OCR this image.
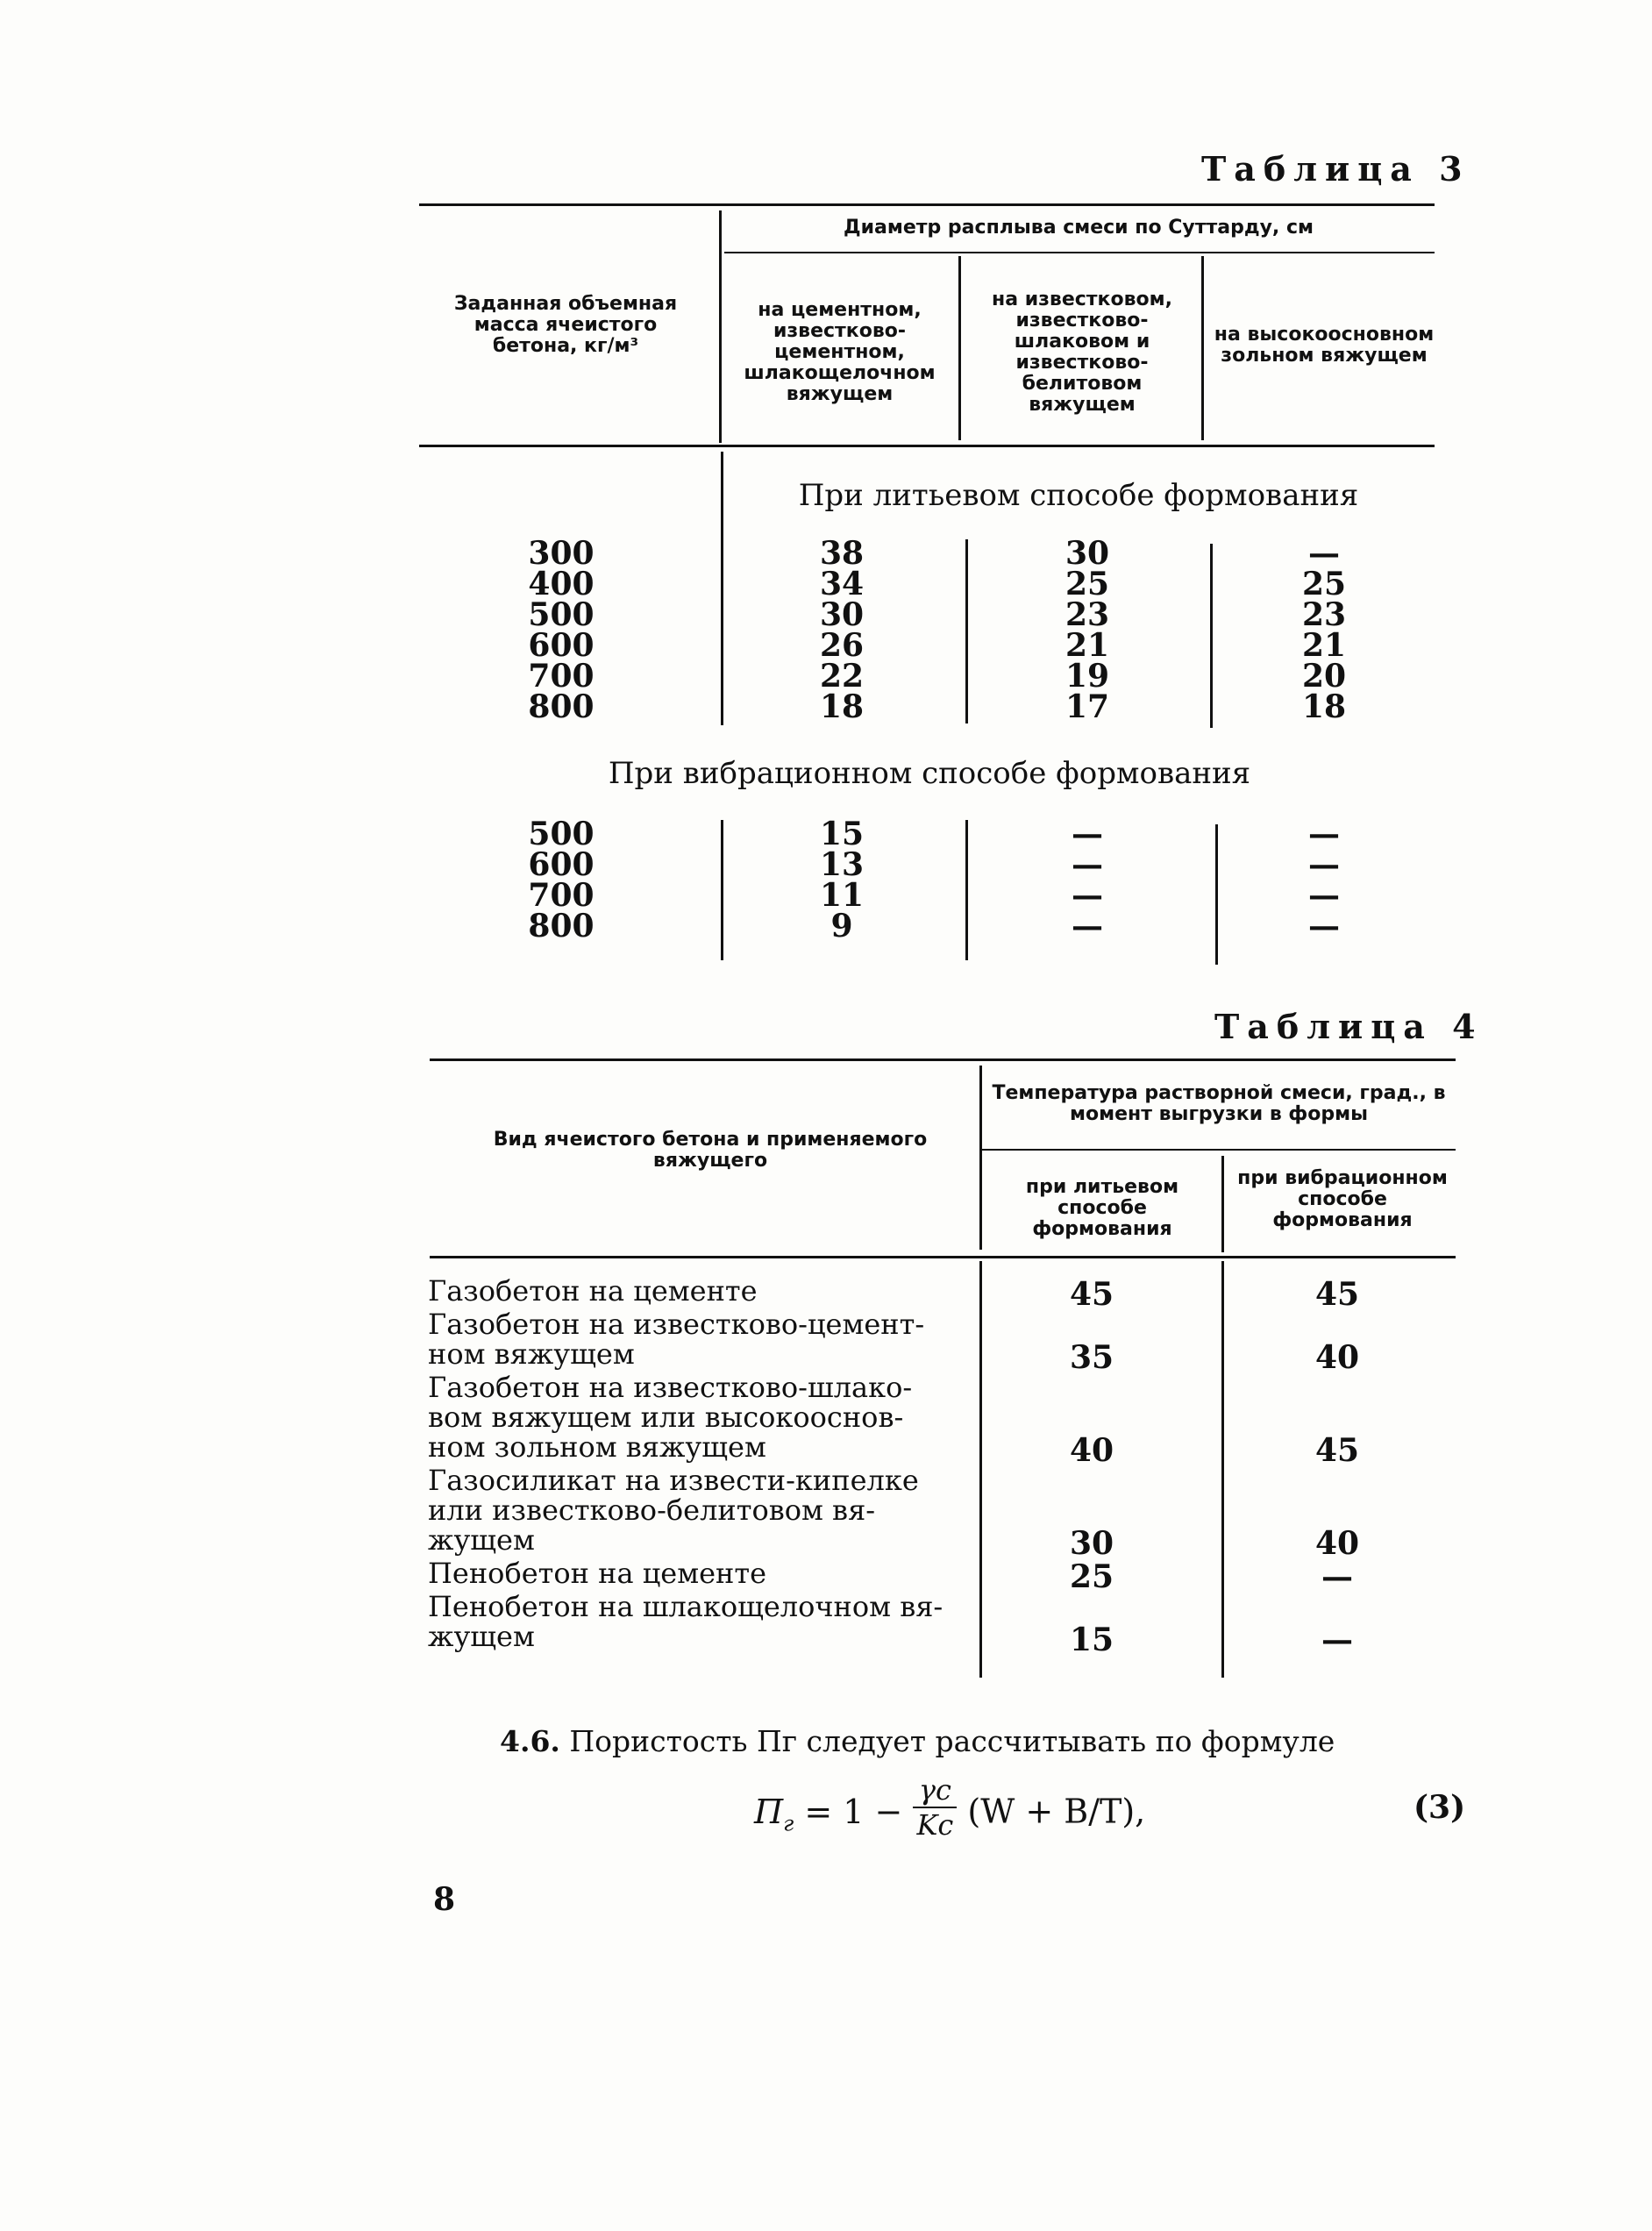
Таблица 3
Заданная объемная масса ячеистого бетона, кг/м³
Диаметр расплыва смеси по Суттарду, см
на цементном, известково-цементном, шлакощелочном вяжущем
на известковом, известково-шлаковом и известково-белитовом вяжущем
на высокоосновном зольном вяжущем
При литьевом способе формования
300	38	30	—
400	34	25	25
500	30	23	23
600	26	21	21
700	22	19	20
800	18	17	18
При вибрационном способе формования
500	15	—	—
600	13	—	—
700	11	—	—
800	9	—	—
Таблица 4
Вид ячеистого бетона и применяемого вяжущего
Температура растворной смеси, град., в момент выгрузки в формы
при литьевом способе формования
при вибрационном способе формования
Газобетон на цементе	45	45
Газобетон на известково-цемент-
ном вяжущем	35	40
Газобетон на известково-шлако-
вом вяжущем или высокооснов-
ном зольном вяжущем	40	45
Газосиликат на извести-кипелке
или известково-белитовом вя-
жущем	30	40
Пенобетон на цементе	25	—
Пенобетон на шлакощелочном вя-
жущем	15	—
4.6. Пористость Пг следует рассчитывать по формуле
$П_г = 1 - \frac{\gamma c}{Kc} (W + B/T)$,	(3)
8
